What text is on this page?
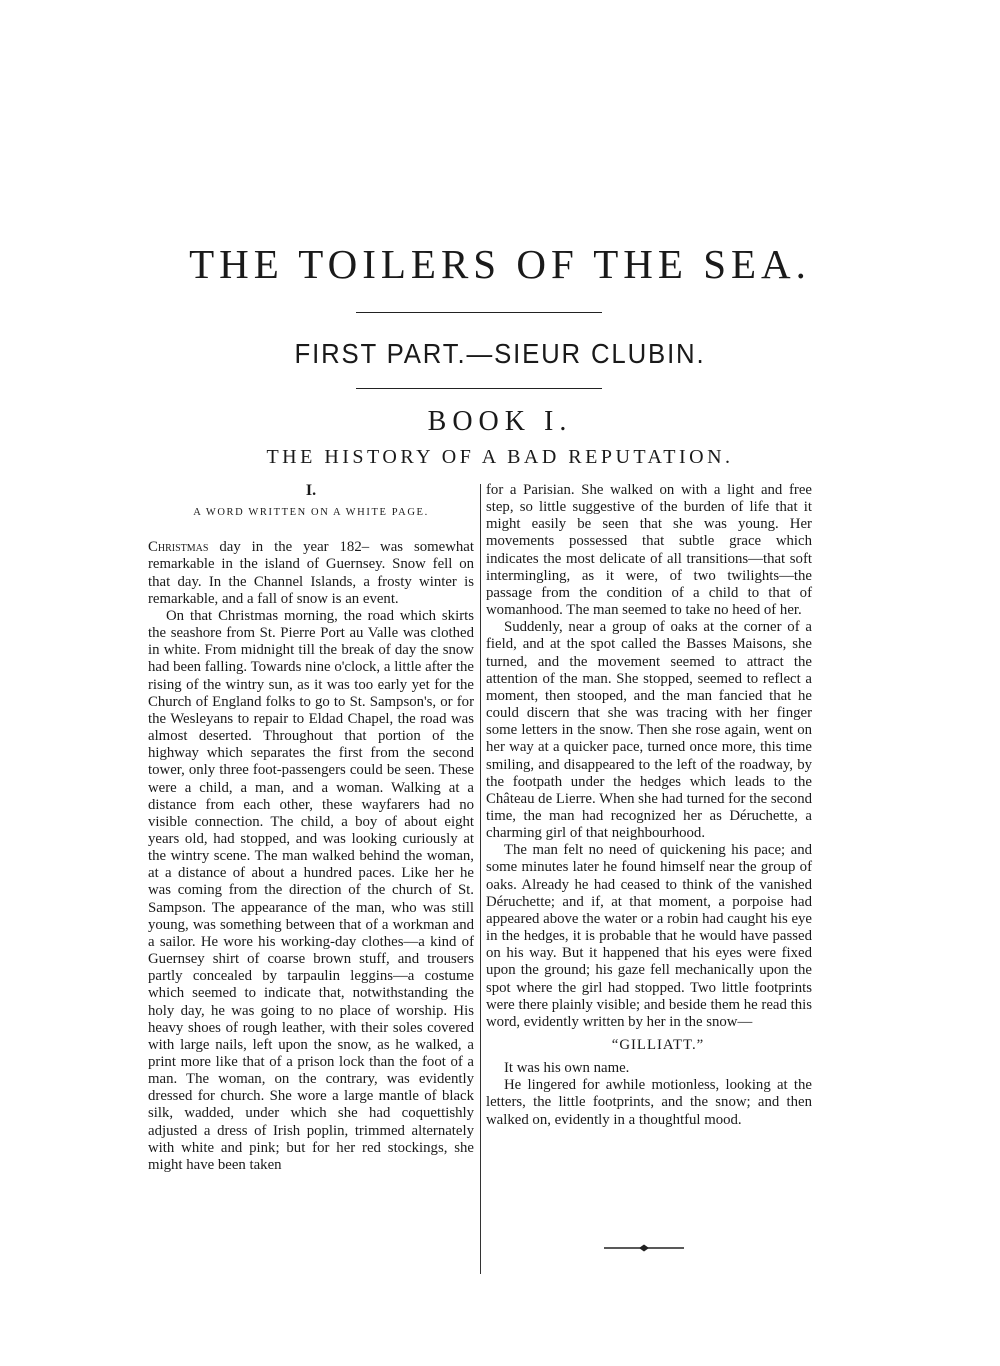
THE TOILERS OF THE SEA.
FIRST PART.—SIEUR CLUBIN.
BOOK I.
THE HISTORY OF A BAD REPUTATION.
I.
A WORD WRITTEN ON A WHITE PAGE.

Christmas day in the year 182– was somewhat remarkable in the island of Guernsey. Snow fell on that day. In the Channel Islands, a frosty winter is remarkable, and a fall of snow is an event.

On that Christmas morning, the road which skirts the seashore from St. Pierre Port au Valle was clothed in white. From midnight till the break of day the snow had been falling. Towards nine o'clock, a little after the rising of the wintry sun, as it was too early yet for the Church of England folks to go to St. Sampson's, or for the Wesleyans to repair to Eldad Chapel, the road was almost deserted. Throughout that portion of the highway which separates the first from the second tower, only three foot-passengers could be seen. These were a child, a man, and a woman. Walking at a distance from each other, these wayfarers had no visible connection. The child, a boy of about eight years old, had stopped, and was looking curiously at the wintry scene. The man walked behind the woman, at a distance of about a hundred paces. Like her he was coming from the direction of the church of St. Sampson. The appearance of the man, who was still young, was something between that of a workman and a sailor. He wore his working-day clothes—a kind of Guernsey shirt of coarse brown stuff, and trousers partly concealed by tarpaulin leggins—a costume which seemed to indicate that, notwithstanding the holy day, he was going to no place of worship. His heavy shoes of rough leather, with their soles covered with large nails, left upon the snow, as he walked, a print more like that of a prison lock than the foot of a man. The woman, on the contrary, was evidently dressed for church. She wore a large mantle of black silk, wadded, under which she had coquettishly adjusted a dress of Irish poplin, trimmed alternately with white and pink; but for her red stockings, she might have been taken

for a Parisian. She walked on with a light and free step, so little suggestive of the burden of life that it might easily be seen that she was young. Her movements possessed that subtle grace which indicates the most delicate of all transitions—that soft intermingling, as it were, of two twilights—the passage from the condition of a child to that of womanhood. The man seemed to take no heed of her.

Suddenly, near a group of oaks at the corner of a field, and at the spot called the Basses Maisons, she turned, and the movement seemed to attract the attention of the man. She stopped, seemed to reflect a moment, then stooped, and the man fancied that he could discern that she was tracing with her finger some letters in the snow. Then she rose again, went on her way at a quicker pace, turned once more, this time smiling, and disappeared to the left of the roadway, by the footpath under the hedges which leads to the Château de Lierre. When she had turned for the second time, the man had recognized her as Déruchette, a charming girl of that neighbourhood.

The man felt no need of quickening his pace; and some minutes later he found himself near the group of oaks. Already he had ceased to think of the vanished Déruchette; and if, at that moment, a porpoise had appeared above the water or a robin had caught his eye in the hedges, it is probable that he would have passed on his way. But it happened that his eyes were fixed upon the ground; his gaze fell mechanically upon the spot where the girl had stopped. Two little footprints were there plainly visible; and beside them he read this word, evidently written by her in the snow—

“GILLIATT.”

It was his own name.

He lingered for awhile motionless, looking at the letters, the little footprints, and the snow; and then walked on, evidently in a thoughtful mood.
